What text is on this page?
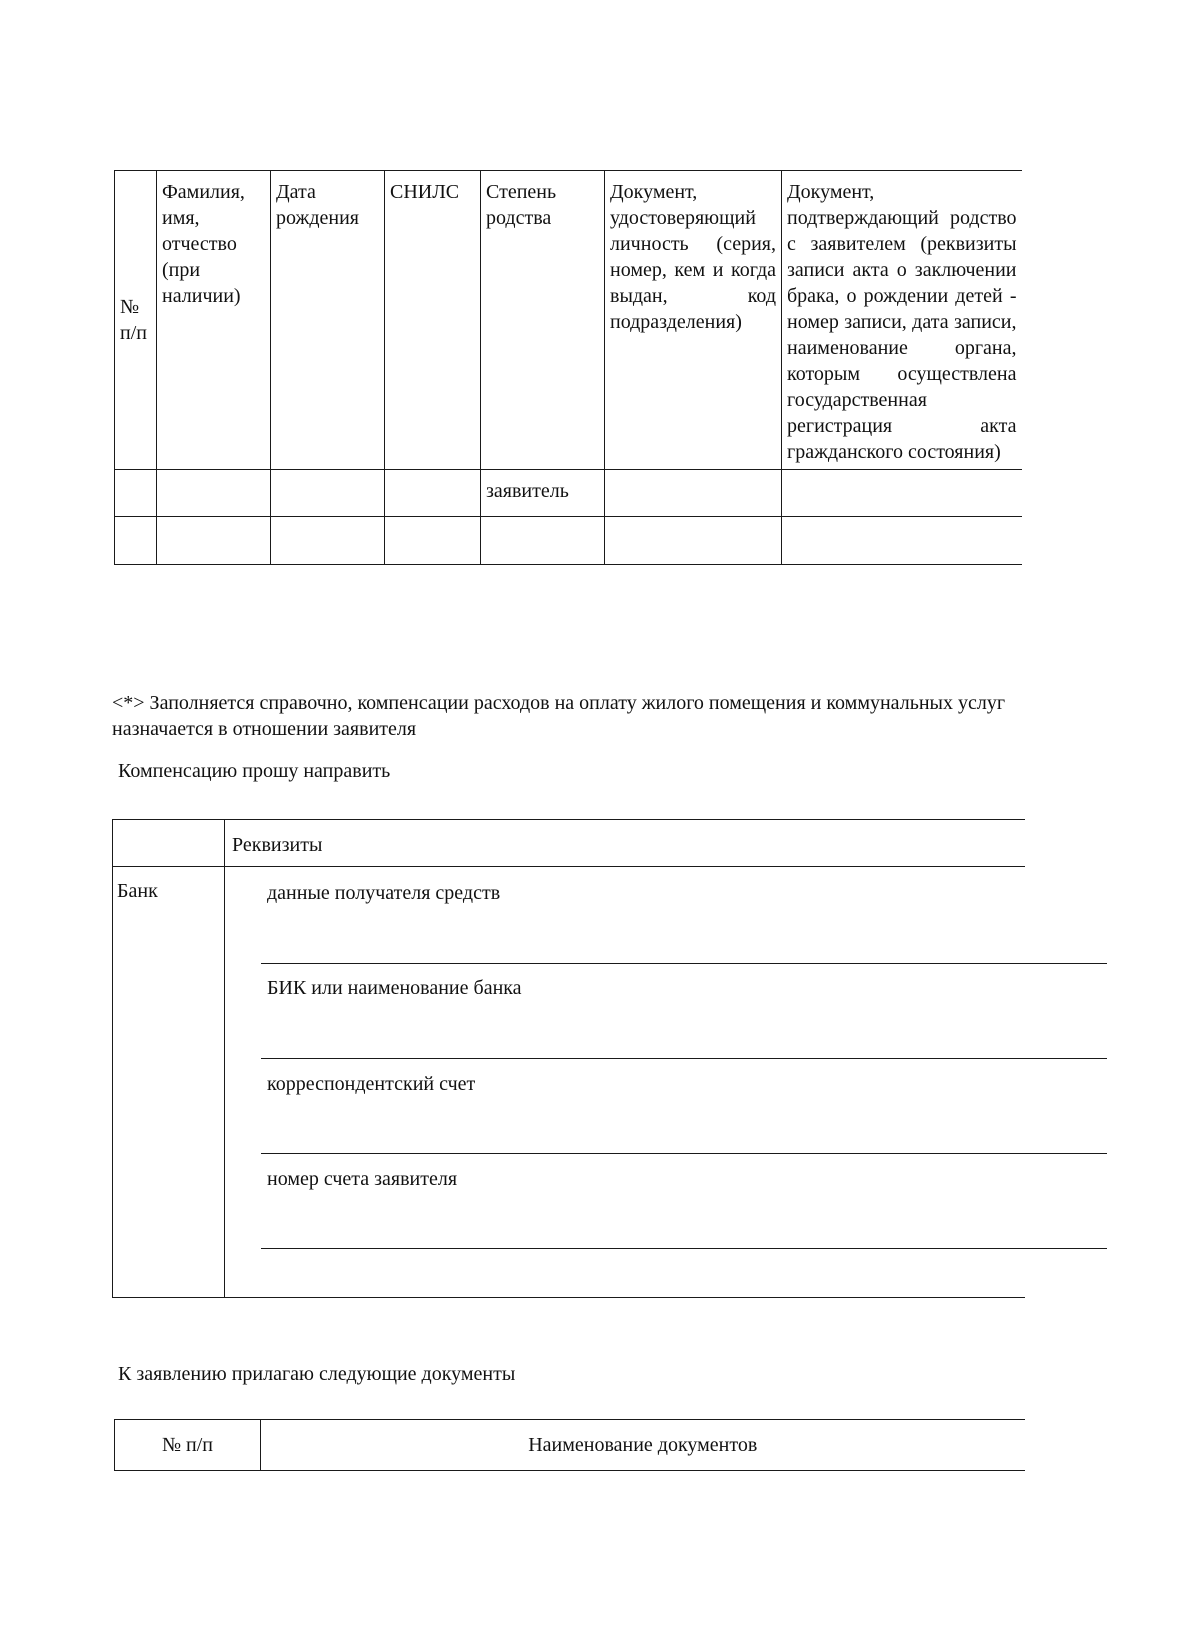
№ п/п	Фамилия, имя, отчество (при наличии)	Дата рождения	СНИЛС	Степень родства	Документ, удостоверяющий личность (серия, номер, кем и когда выдан, код подразделения)	Документ, подтверждающий родство с заявителем (реквизиты записи акта о заключении брака, о рождении детей - номер записи, дата записи, наименование органа, которым осуществлена государственная регистрация акта гражданского состояния)
				заявитель		

<*> Заполняется справочно, компенсации расходов на оплату жилого помещения и коммунальных услуг назначается в отношении заявителя
Компенсацию прошу направить
Реквизиты
Банк	данные получателя средств
БИК или наименование банка
корреспондентский счет
номер счета заявителя
К заявлению прилагаю следующие документы
№ п/п	Наименование документов
